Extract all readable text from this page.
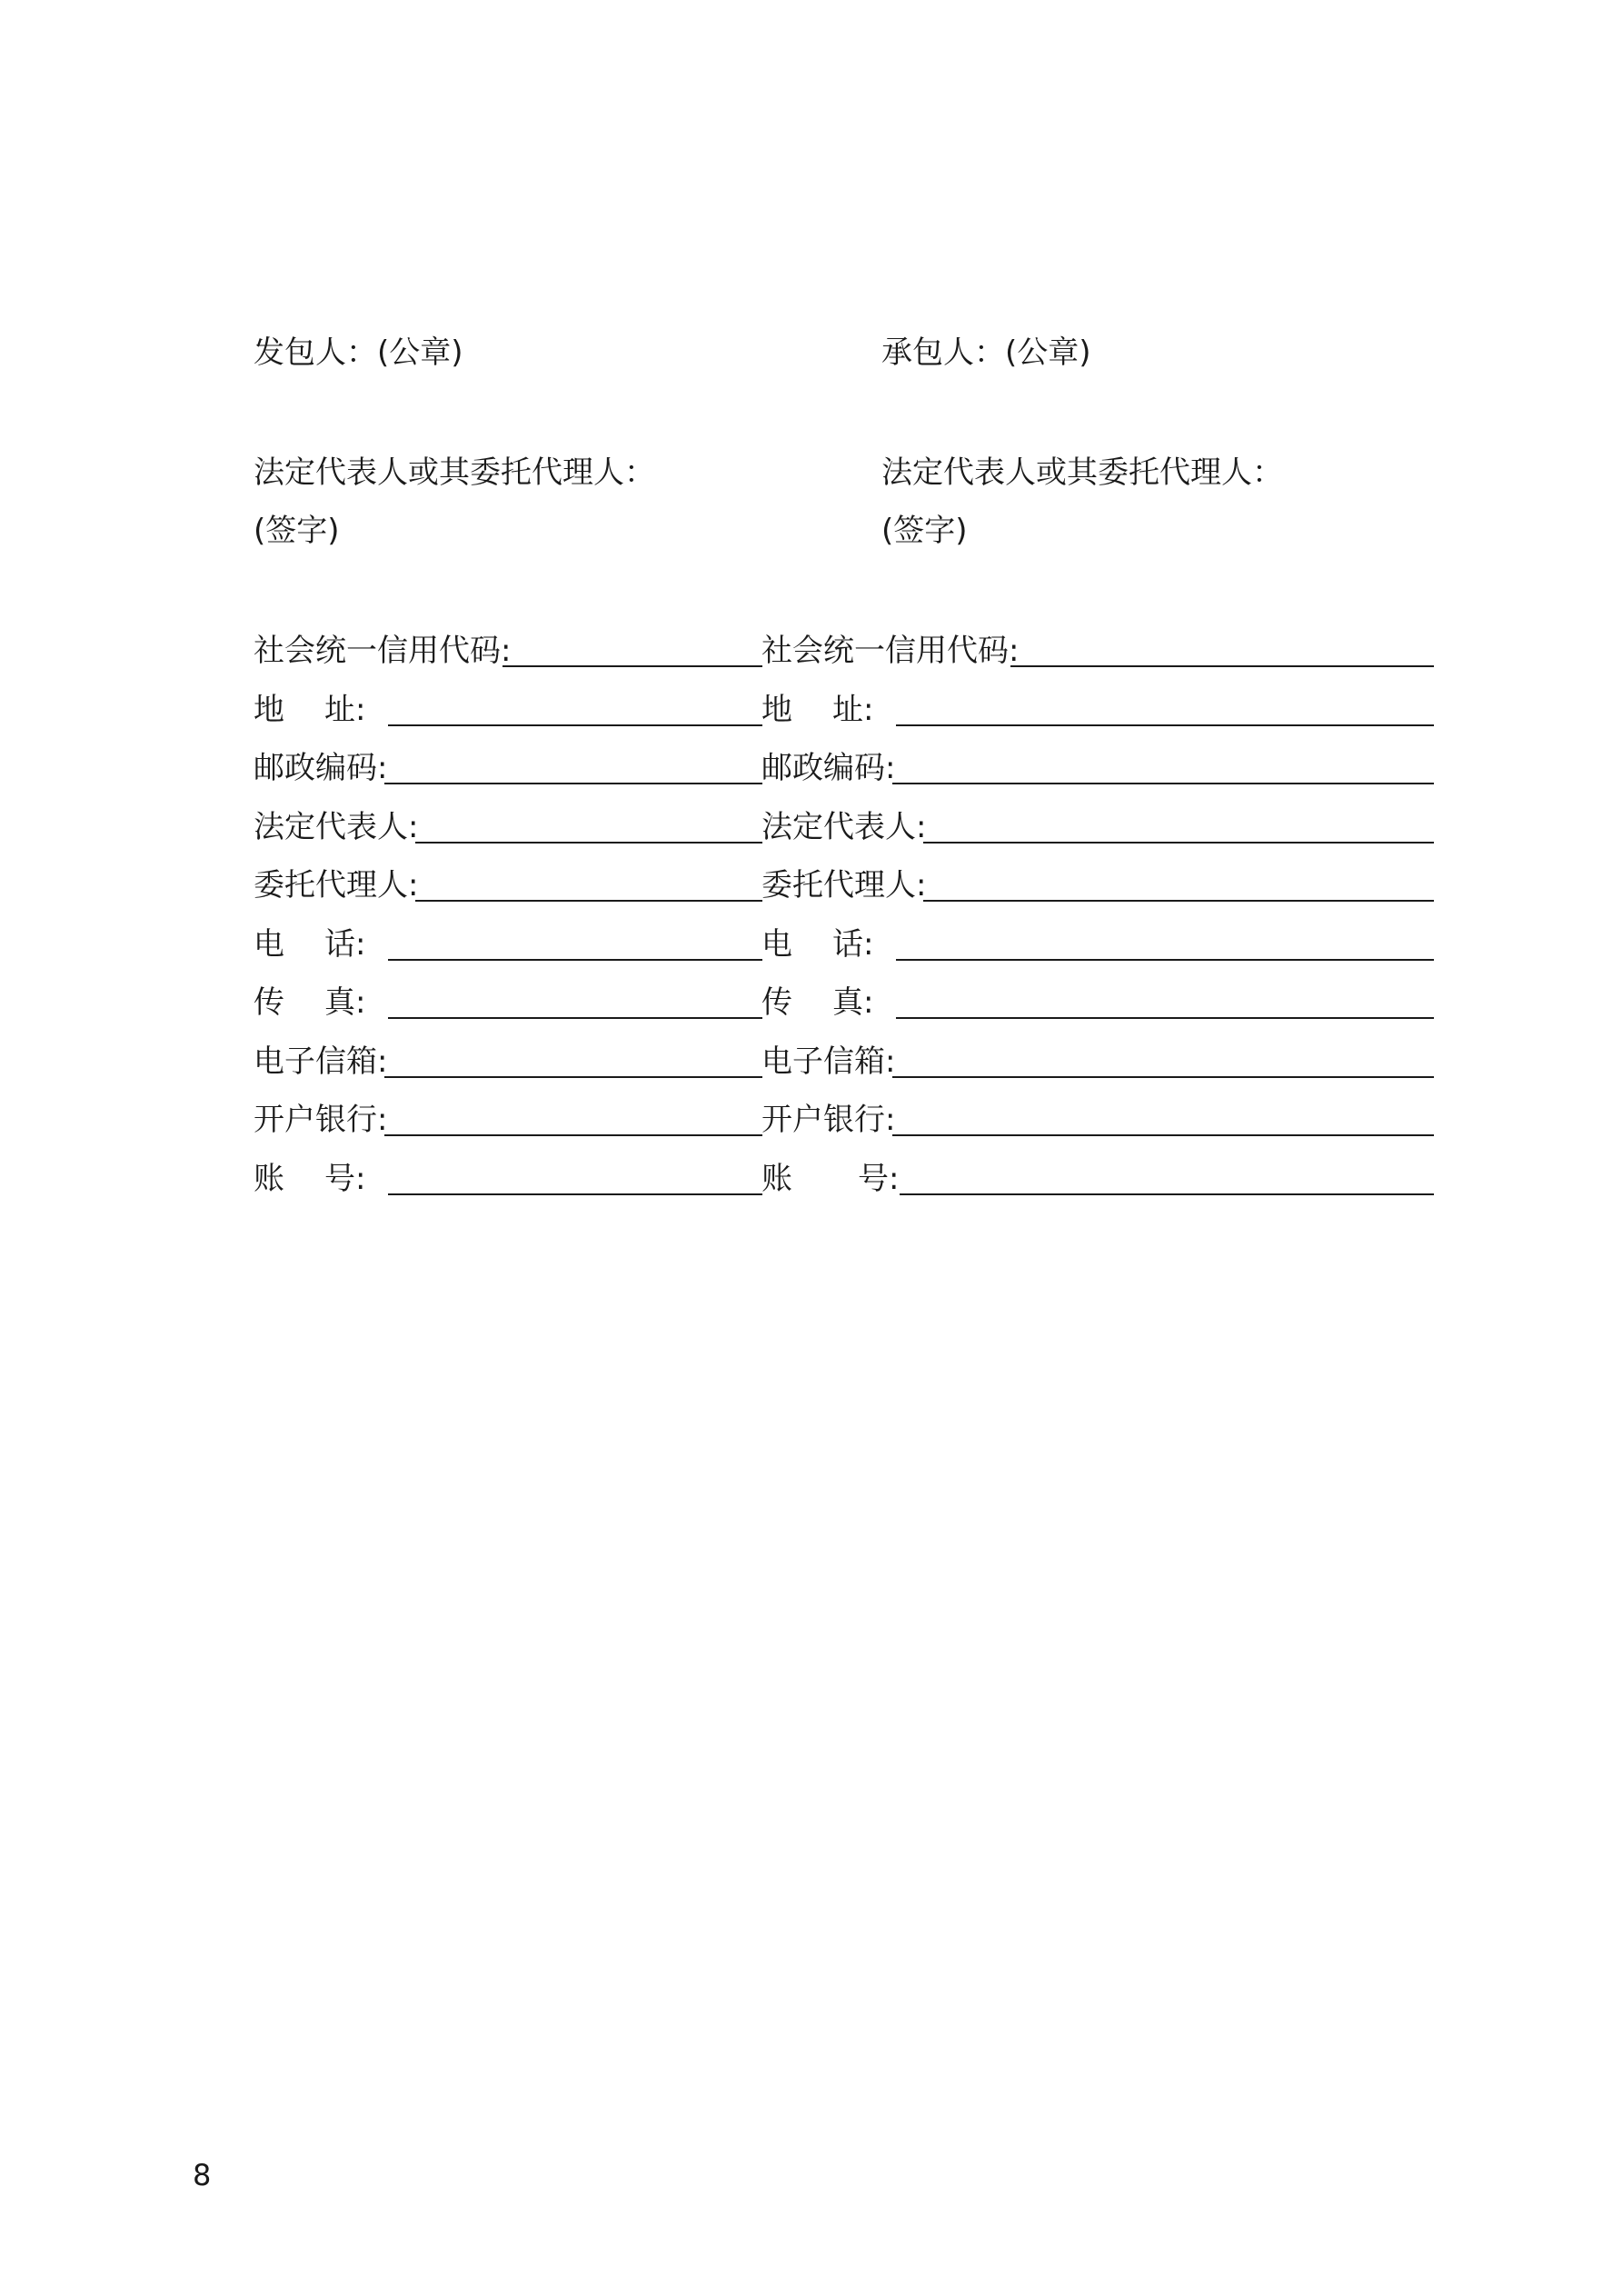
发包人：(公章)
法定代表人或其委托代理人：
(签字)
承包人：(公章)
法定代表人或其委托代理人：
(签字)
社会统一信用代码 :	社会统一信用代码 :
地 址 :	地 址 :
邮政编码 :	邮政编码 :
法定代表人 :	法定代表人 :
委托代理人 :	委托代理人 :
电 话 :	电 话 :
传 真 :	传 真 :
电子信箱 :	电子信箱 :
开户银行 :	开户银行 :
账 号 :	账 号 :
8
